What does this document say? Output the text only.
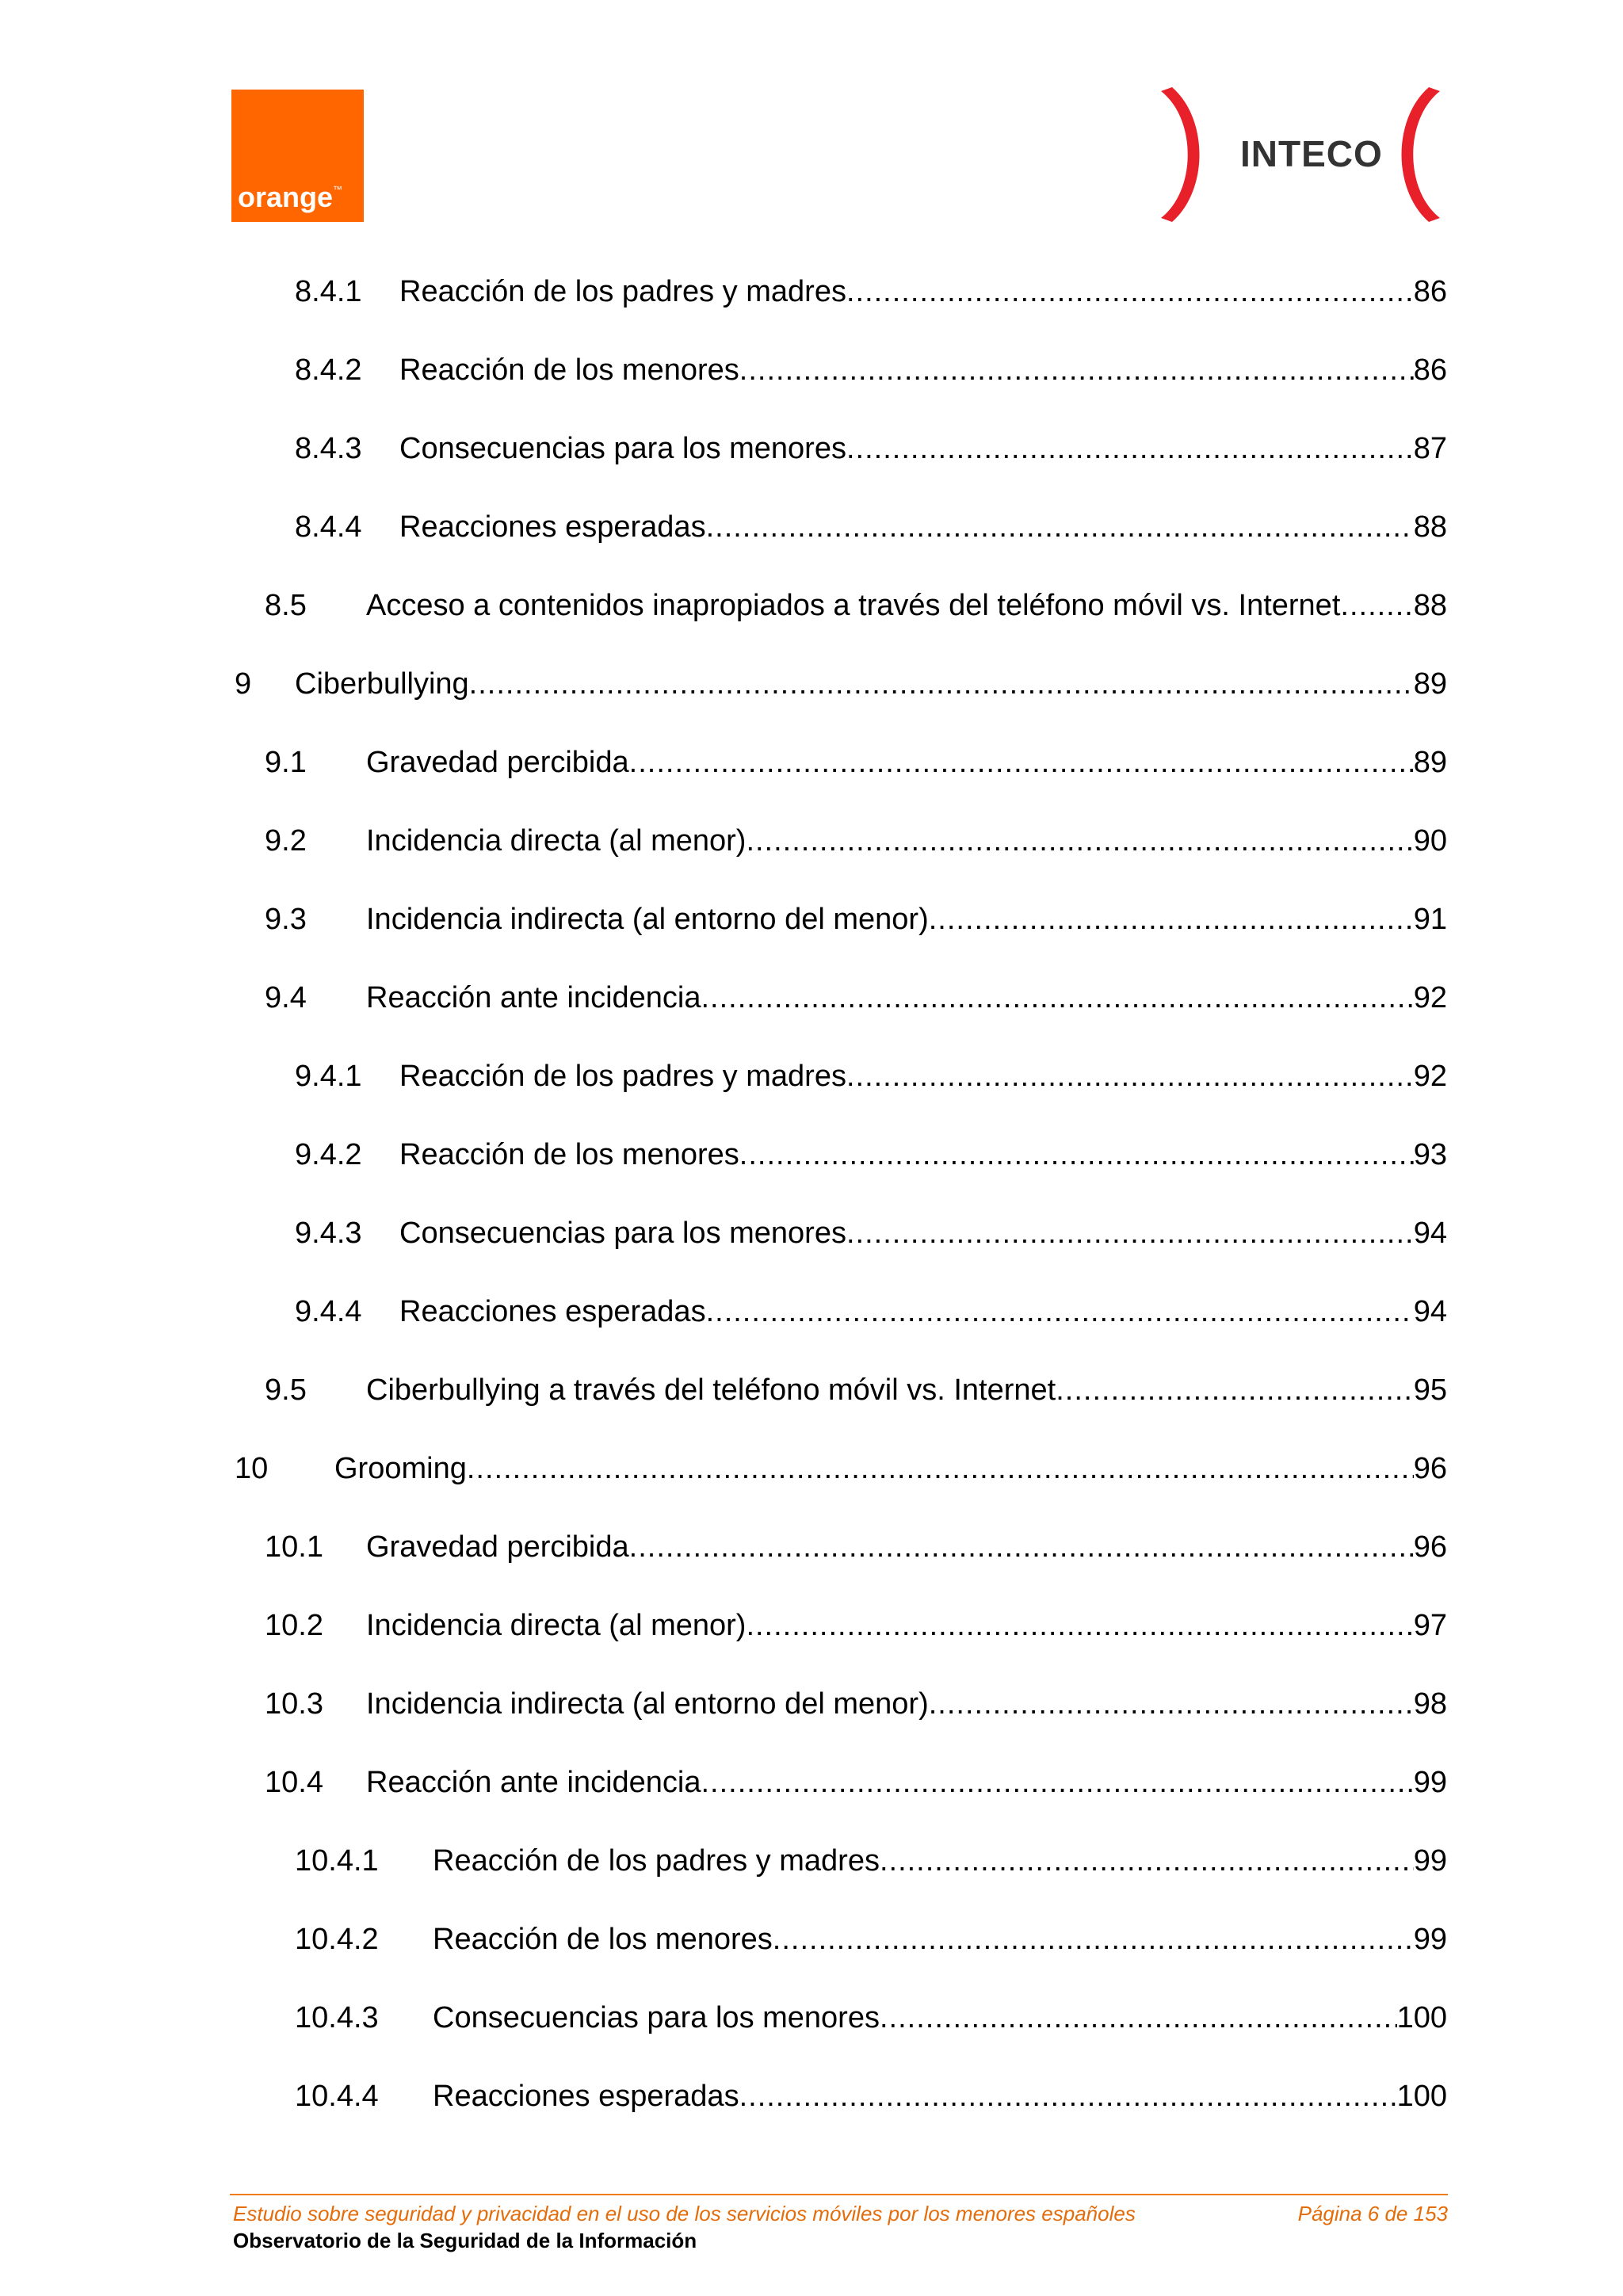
orange™
INTECO
8.4.1 Reacción de los padres y madres .....	86
8.4.2 Reacción de los menores .....	86
8.4.3 Consecuencias para los menores .....	87
8.4.4 Reacciones esperadas .....	88
8.5 Acceso a contenidos inapropiados a través del teléfono móvil vs. Internet ..... 88
9 Ciberbullying .....	89
9.1 Gravedad percibida .....	89
9.2 Incidencia directa (al menor) .....	90
9.3 Incidencia indirecta (al entorno del menor) .....	91
9.4 Reacción ante incidencia .....	92
9.4.1 Reacción de los padres y madres .....	92
9.4.2 Reacción de los menores .....	93
9.4.3 Consecuencias para los menores .....	94
9.4.4 Reacciones esperadas .....	94
9.5 Ciberbullying a través del teléfono móvil vs. Internet .....	95
10 Grooming .....	96
10.1 Gravedad percibida .....	96
10.2 Incidencia directa (al menor) .....	97
10.3 Incidencia indirecta (al entorno del menor) .....	98
10.4 Reacción ante incidencia .....	99
10.4.1 Reacción de los padres y madres .....	99
10.4.2 Reacción de los menores .....	99
10.4.3 Consecuencias para los menores .....	100
10.4.4 Reacciones esperadas .....	100
Estudio sobre seguridad y privacidad en el uso de los servicios móviles por los menores españoles	Página 6 de 153
Observatorio de la Seguridad de la Información
